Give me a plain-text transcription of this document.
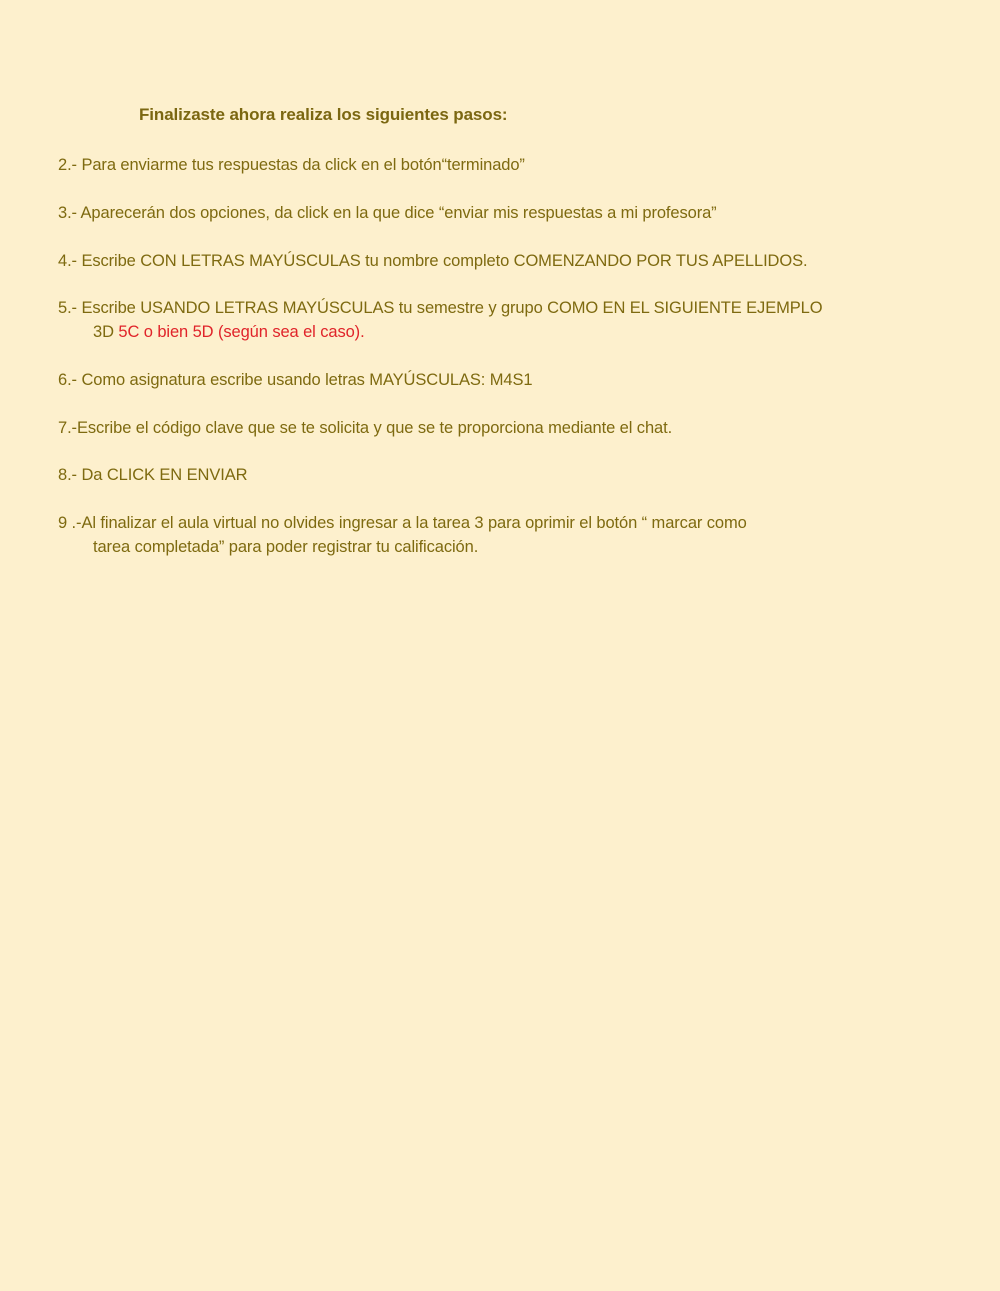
Finalizaste ahora realiza los siguientes pasos:
2.- Para enviarme tus respuestas da click en el botón“terminado”
3.- Aparecerán dos opciones, da click en la que dice “enviar mis respuestas a mi profesora”
4.- Escribe CON LETRAS MAYÚSCULAS tu nombre completo COMENZANDO POR TUS APELLIDOS.
5.- Escribe USANDO LETRAS MAYÚSCULAS tu semestre y grupo COMO EN EL SIGUIENTE EJEMPLO
3D 5C o bien 5D (según sea el caso).
6.- Como asignatura escribe usando letras MAYÚSCULAS: M4S1
7.-Escribe el código clave que se te solicita y que se te proporciona mediante el chat.
8.- Da CLICK EN ENVIAR
9 .-Al finalizar el aula virtual no olvides ingresar a la tarea 3 para oprimir el botón “ marcar como
tarea completada” para poder registrar tu calificación.
